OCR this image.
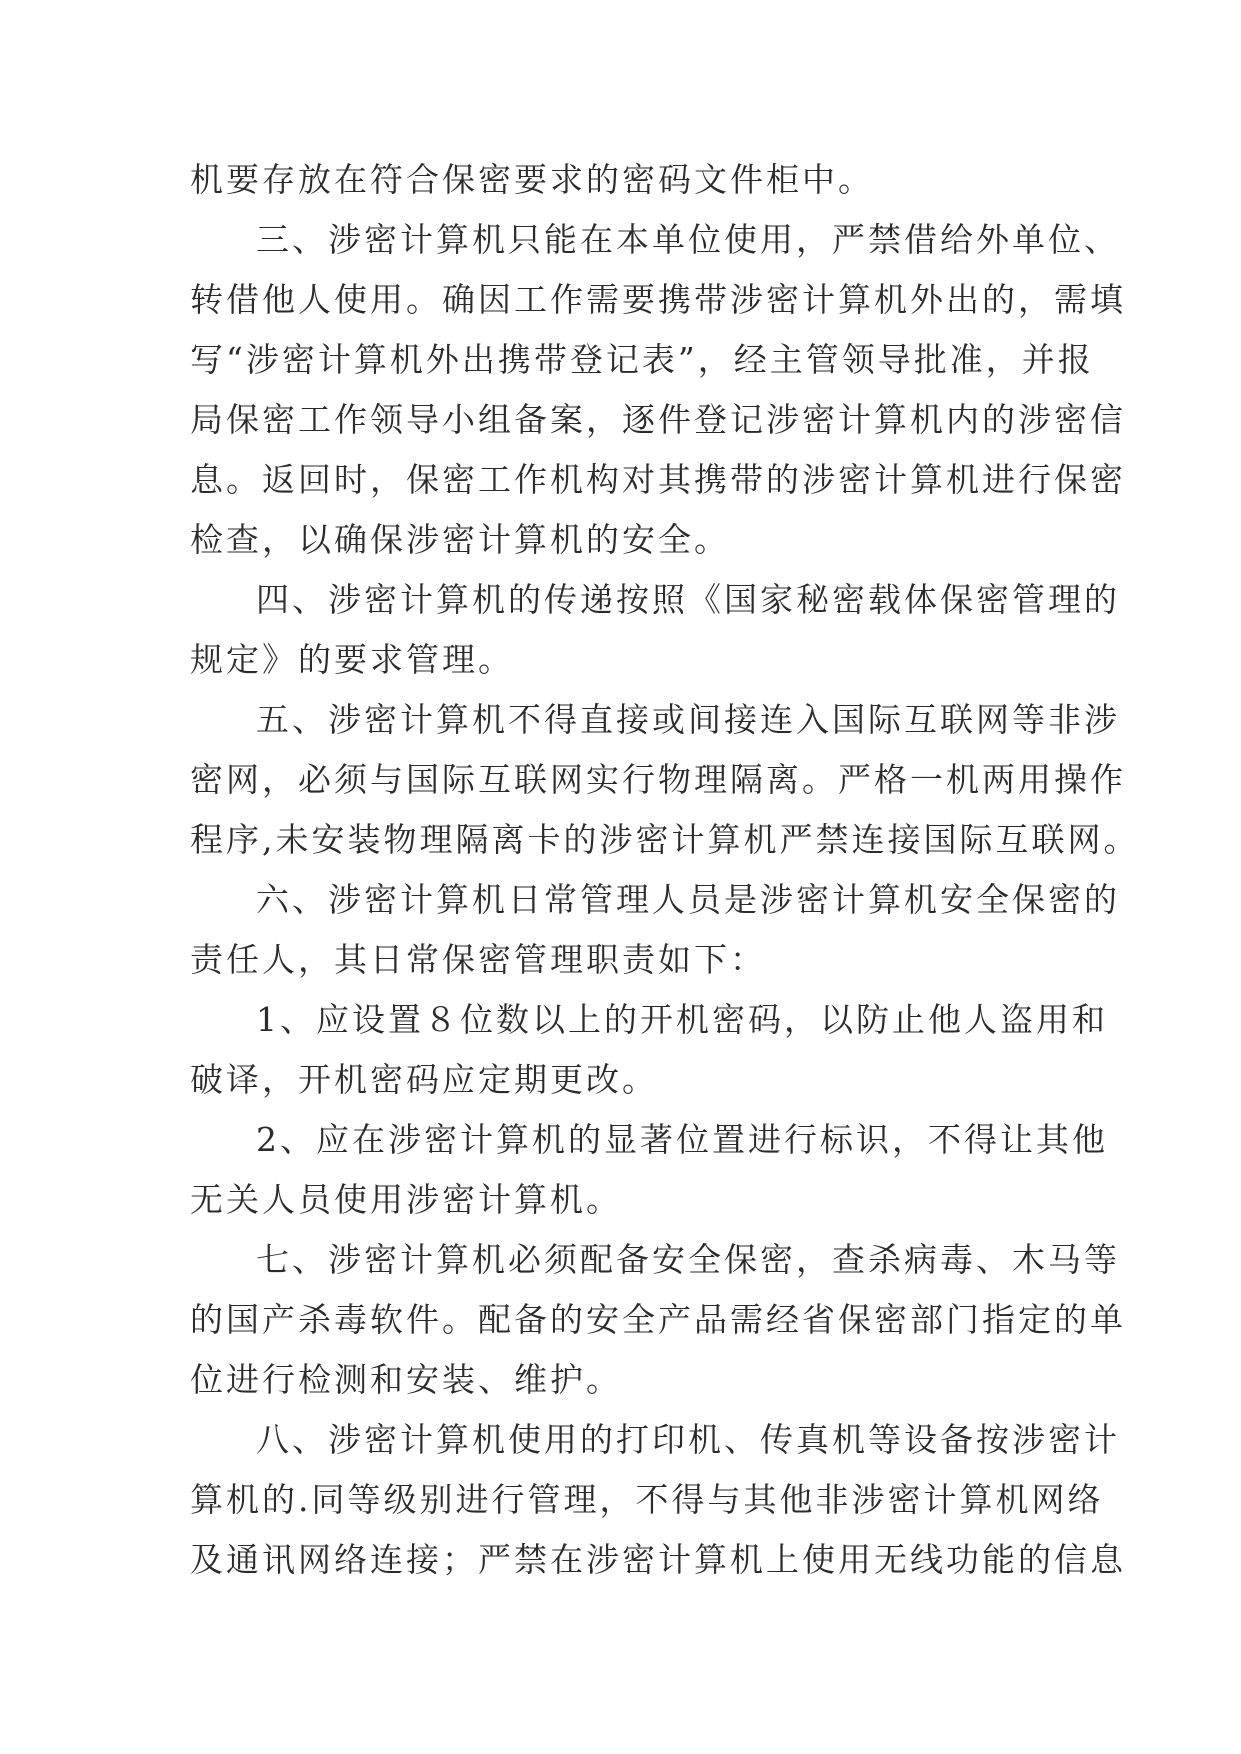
机要存放在符合保密要求的密码文件柜中。
三、涉密计算机只能在本单位使用，严禁借给外单位、
转借他人使用。确因工作需要携带涉密计算机外出的，需填
写“涉密计算机外出携带登记表”，经主管领导批准，并报
局保密工作领导小组备案，逐件登记涉密计算机内的涉密信
息。返回时，保密工作机构对其携带的涉密计算机进行保密
检查，以确保涉密计算机的安全。
四、涉密计算机的传递按照《国家秘密载体保密管理的
规定》的要求管理。
五、涉密计算机不得直接或间接连入国际互联网等非涉
密网，必须与国际互联网实行物理隔离。严格一机两用操作
程序,未安装物理隔离卡的涉密计算机严禁连接国际互联网。
六、涉密计算机日常管理人员是涉密计算机安全保密的
责任人，其日常保密管理职责如下：
1、应设置８位数以上的开机密码，以防止他人盗用和
破译，开机密码应定期更改。
2、应在涉密计算机的显著位置进行标识，不得让其他
无关人员使用涉密计算机。
七、涉密计算机必须配备安全保密，查杀病毒、木马等
的国产杀毒软件。配备的安全产品需经省保密部门指定的单
位进行检测和安装、维护。
八、涉密计算机使用的打印机、传真机等设备按涉密计
算机的.同等级别进行管理，不得与其他非涉密计算机网络
及通讯网络连接；严禁在涉密计算机上使用无线功能的信息
